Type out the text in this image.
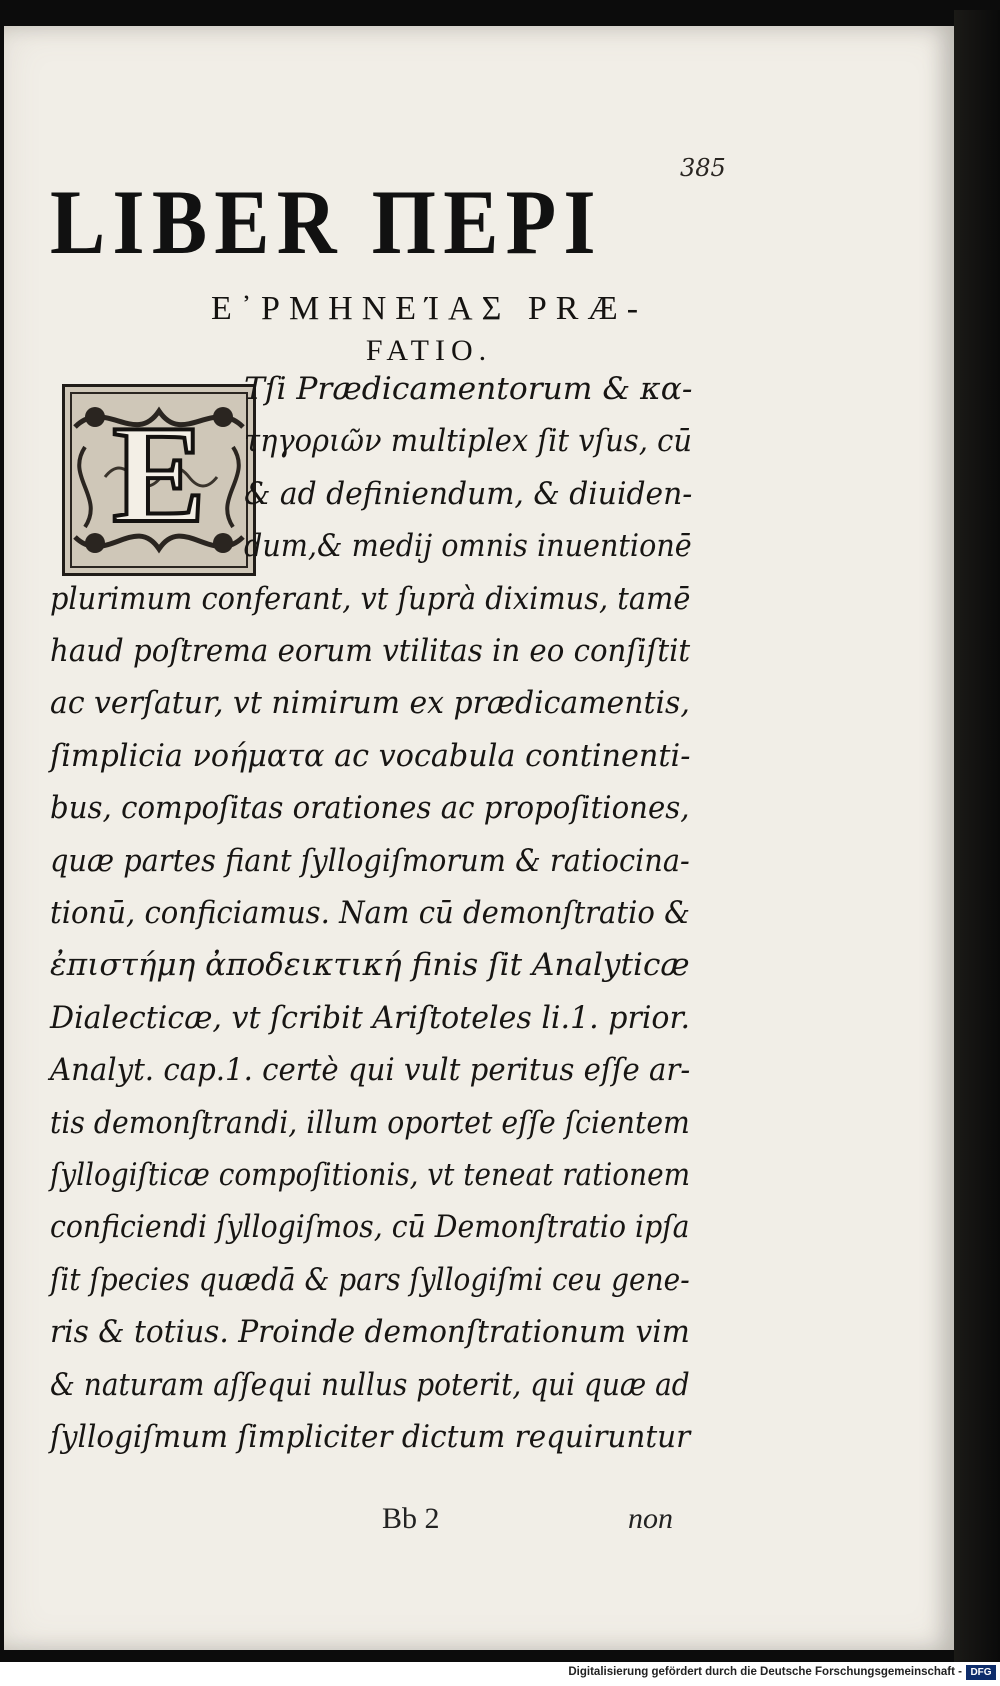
385
LIBER ΠΕΡΙ
Ε᾿ΡΜΗΝΕΊΑΣ PRÆ-
FATIO.
E
Tſi Prædicamentorum & κα-
τηγοριῶν multiplex ſit vſus, cū
& ad definiendum, & diuiden-
dum,& medij omnis inuentionē
plurimum conferant, vt ſuprà diximus, tamē
haud poſtrema eorum vtilitas in eo conſiſtit
ac verſatur, vt nimirum ex prædicamentis,
ſimplicia νοήματα ac vocabula continenti-
bus, compoſitas orationes ac propoſitiones,
quæ partes fiant ſyllogiſmorum & ratiocina-
tionū, conficiamus. Nam cū demonſtratio &
ἐπιστήμη ἀποδεικτική finis ſit Analyticæ
Dialecticæ, vt ſcribit Ariſtoteles li.1. prior.
Analyt. cap.1. certè qui vult peritus eſſe ar-
tis demonſtrandi, illum oportet eſſe ſcientem
ſyllogiſticæ compoſitionis, vt teneat rationem
conficiendi ſyllogiſmos, cū Demonſtratio ipſa
ſit ſpecies quædā & pars ſyllogiſmi ceu gene-
ris & totius. Proinde demonſtrationum vim
& naturam aſſequi nullus poterit, qui quæ ad
ſyllogiſmum ſimpliciter dictum requiruntur
Bb 2	non
Digitalisierung gefördert durch die Deutsche Forschungsgemeinschaft - DFG
